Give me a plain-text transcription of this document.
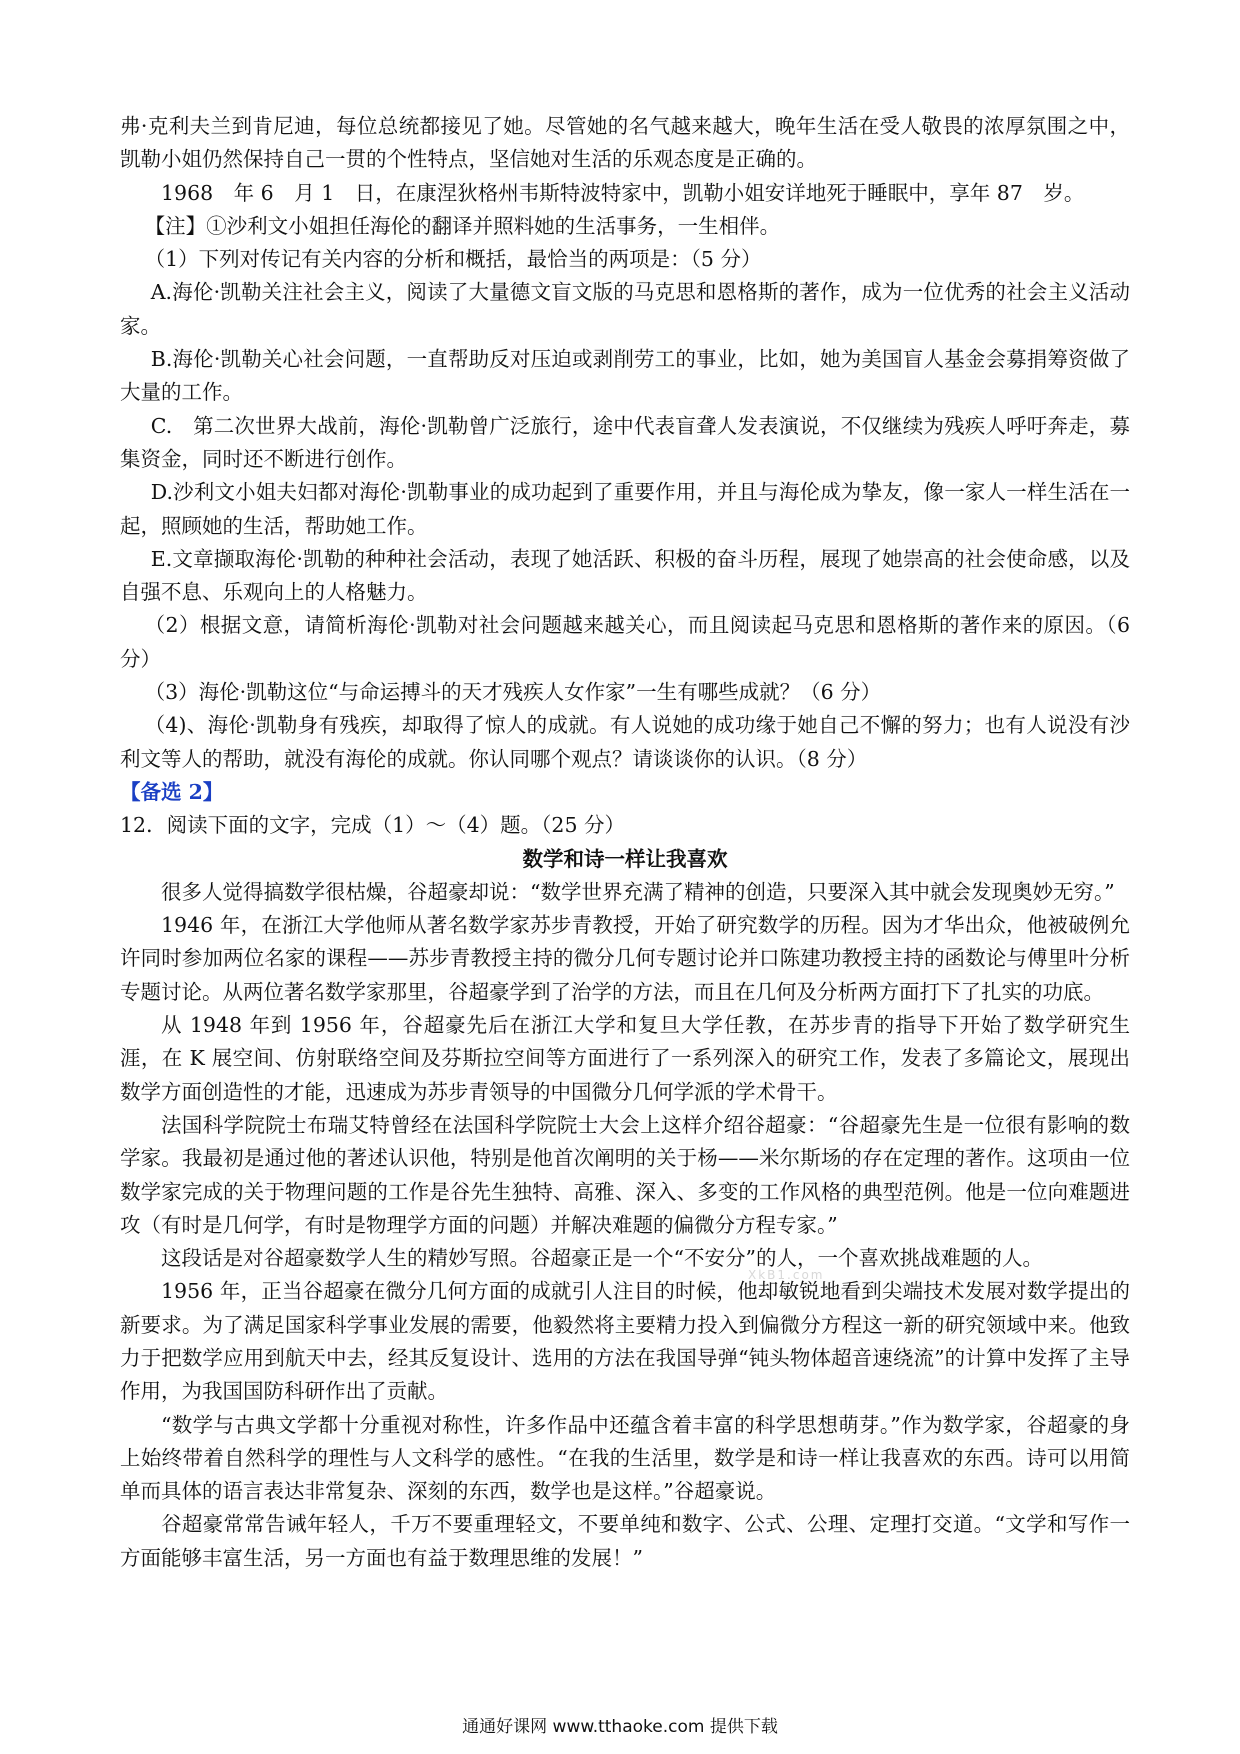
弗·克利夫兰到肯尼迪，每位总统都接见了她。尽管她的名气越来越大，晚年生活在受人敬畏的浓厚氛围之中，凯勒小姐仍然保持自己一贯的个性特点，坚信她对生活的乐观态度是正确的。

1968　年 6　月 1　日，在康涅狄格州韦斯特波特家中，凯勒小姐安详地死于睡眠中，享年 87　岁。

【注】①沙利文小姐担任海伦的翻译并照料她的生活事务，一生相伴。

（1）下列对传记有关内容的分析和概括，最恰当的两项是：（5 分）

A.海伦·凯勒关注社会主义，阅读了大量德文盲文版的马克思和恩格斯的著作，成为一位优秀的社会主义活动家。

B.海伦·凯勒关心社会问题，一直帮助反对压迫或剥削劳工的事业，比如，她为美国盲人基金会募捐筹资做了大量的工作。

C.　第二次世界大战前，海伦·凯勒曾广泛旅行，途中代表盲聋人发表演说，不仅继续为残疾人呼吁奔走，募集资金，同时还不断进行创作。

D.沙利文小姐夫妇都对海伦·凯勒事业的成功起到了重要作用，并且与海伦成为挚友，像一家人一样生活在一起，照顾她的生活，帮助她工作。

E.文章撷取海伦·凯勒的种种社会活动，表现了她活跃、积极的奋斗历程，展现了她崇高的社会使命感，以及自强不息、乐观向上的人格魅力。

（2）根据文意，请简析海伦·凯勒对社会问题越来越关心，而且阅读起马克思和恩格斯的著作来的原因。（6 分）

（3）海伦·凯勒这位“与命运搏斗的天才残疾人女作家”一生有哪些成就？（6 分）

（4)、海伦·凯勒身有残疾，却取得了惊人的成就。有人说她的成功缘于她自己不懈的努力；也有人说没有沙利文等人的帮助，就没有海伦的成就。你认同哪个观点？请谈谈你的认识。（8 分）

【备选 2】

12．阅读下面的文字，完成（1）～（4）题。（25 分）

数学和诗一样让我喜欢

很多人觉得搞数学很枯燥，谷超豪却说：“数学世界充满了精神的创造，只要深入其中就会发现奥妙无穷。”

1946 年，在浙江大学他师从著名数学家苏步青教授，开始了研究数学的历程。因为才华出众，他被破例允许同时参加两位名家的课程——苏步青教授主持的微分几何专题讨论并口陈建功教授主持的函数论与傅里叶分析专题讨论。从两位著名数学家那里，谷超豪学到了治学的方法，而且在几何及分析两方面打下了扎实的功底。

从 1948 年到 1956 年，谷超豪先后在浙江大学和复旦大学任教，在苏步青的指导下开始了数学研究生涯，在 K 展空间、仿射联络空间及芬斯拉空间等方面进行了一系列深入的研究工作，发表了多篇论文，展现出数学方面创造性的才能，迅速成为苏步青领导的中国微分几何学派的学术骨干。

法国科学院院士布瑞艾特曾经在法国科学院院士大会上这样介绍谷超豪：“谷超豪先生是一位很有影响的数学家。我最初是通过他的著述认识他，特别是他首次阐明的关于杨——米尔斯场的存在定理的著作。这项由一位数学家完成的关于物理问题的工作是谷先生独特、高雅、深入、多变的工作风格的典型范例。他是一位向难题进攻（有时是几何学，有时是物理学方面的问题）并解决难题的偏微分方程专家。”

这段话是对谷超豪数学人生的精妙写照。谷超豪正是一个“不安分”的人，一个喜欢挑战难题的人。

1956 年，正当谷超豪在微分几何方面的成就引人注目的时候，他却敏锐地看到尖端技术发展对数学提出的新要求。为了满足国家科学事业发展的需要，他毅然将主要精力投入到偏微分方程这一新的研究领域中来。他致力于把数学应用到航天中去，经其反复设计、选用的方法在我国导弹“钝头物体超音速绕流”的计算中发挥了主导作用，为我国国防科研作出了贡献。

“数学与古典文学都十分重视对称性，许多作品中还蕴含着丰富的科学思想萌芽。”作为数学家，谷超豪的身上始终带着自然科学的理性与人文科学的感性。“在我的生活里，数学是和诗一样让我喜欢的东西。诗可以用简单而具体的语言表达非常复杂、深刻的东西，数学也是这样。”谷超豪说。

谷超豪常常告诫年轻人，千万不要重理轻文，不要单纯和数字、公式、公理、定理打交道。“文学和写作一方面能够丰富生活，另一方面也有益于数理思维的发展！”

XkB1.com
通通好课网 www.tthaoke.com 提供下载
